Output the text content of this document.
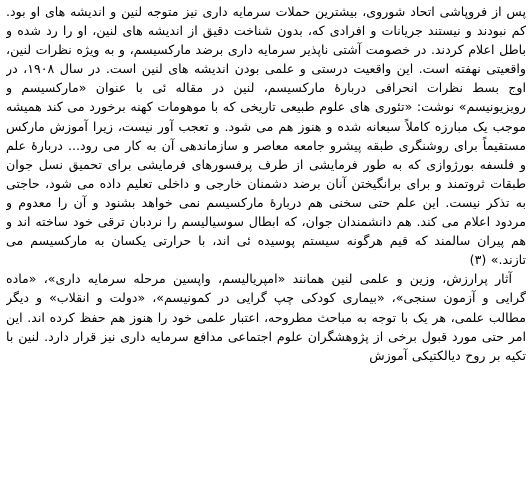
پس از فروپاشی اتحاد شوروی، بیشترین حملات سرمایه داری نیز متوجه لنین و اندیشه های او بود. کم نبودند و نیستند جریانات و افرادی که، بدون شناخت دقیق از اندیشه های لنین، او را رد شده و باطل اعلام کردند. در خصومت آشتی ناپذیر سرمایه داری برضد مارکسیسم، و به ویژه نظرات لنین، واقعیتی نهفته است. این واقعیت درستی و علمی بودن اندیشه های لنین است. در سال ۱۹۰۸، در اوج بسط نظرات انحرافی دربارهٔ مارکسیسم، لنین در مقاله ئی با عنوان «مارکسیسم و رویزیونیسم» نوشت: «تئوری های علوم طبیعی تاریخی که با موهومات کهنه برخورد می کند همیشه موجب یک مبارزه کاملاً سبعانه شده و هنوز هم می شود. و تعجب آور نیست، زیرا آموزش مارکس مستقیماً برای روشنگری طبقه پیشرو جامعه معاصر و سازماندهی آن به کار می رود... دربارهٔ علم و فلسفه بورژوازی که به طور فرمایشی از طرف پرفسورهای فرمایشی برای تحمیق نسل جوان طبقات ثروتمند و برای برانگیختن آنان برضد دشمنان خارجی و داخلی تعلیم داده می شود، حاجتی به تذکر نیست. این علم حتی سخنی هم دربارهٔ مارکسیسم نمی خواهد بشنود و آن را معدوم و مردود اعلام می کند. هم دانشمندان جوان، که ابطال سوسیالیسم را نردبان ترقی خود ساخته اند و هم پیران سالمند که قیم هرگونه سیستم پوسیده ئی اند، با حرارتی یکسان به مارکسیسم می تازند.» (۳)

آثار پرارزش، وزین و علمی لنین همانند «امپریالیسم، واپسین مرحله سرمایه داری»، «ماده گرایی و آزمون سنجی»، «بیماری کودکی چپ گرایی در کمونیسم»، «دولت و انقلاب» و دیگر مطالب علمی، هر یک با توجه به مباحث مطروحه، اعتبار علمی خود را هنوز هم حفظ کرده اند. این امر حتی مورد قبول برخی از پژوهشگران علوم اجتماعی مدافع سرمایه داری نیز قرار دارد. لنین با تکیه بر روح دیالکتیکی آموزش
